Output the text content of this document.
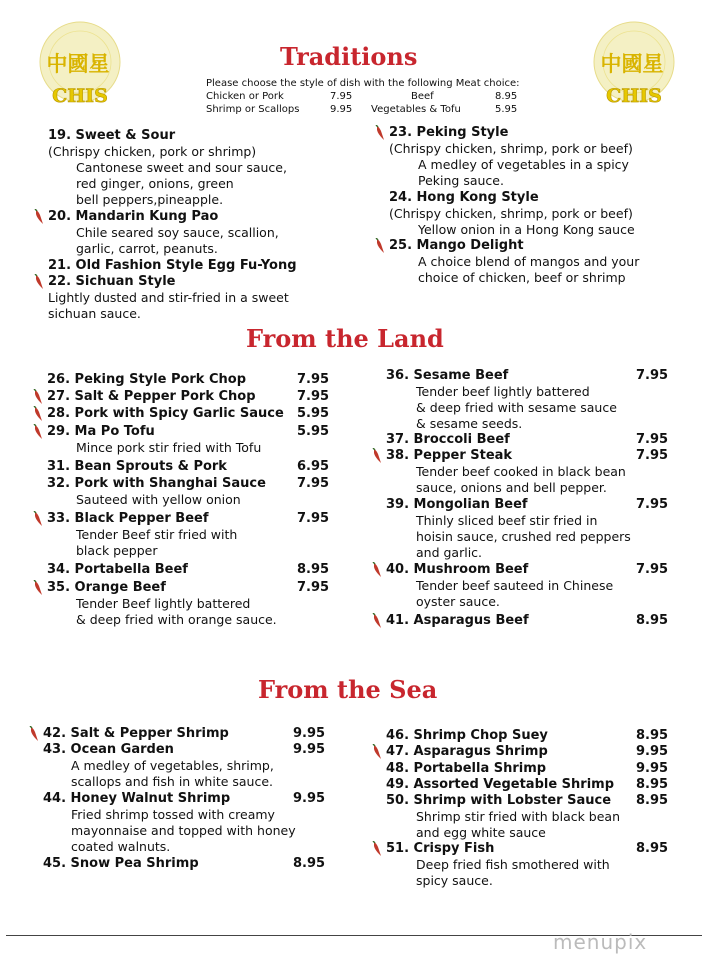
中國星
CHIS
中國星
CHIS
Traditions
Please choose the style of dish with the following Meat choice:
Chicken or Pork	7.95	Beef	8.95
Shrimp or Scallops	9.95 Vegetables & Tofu	5.95
From the Land
From the Sea
menupix
19. Sweet & Sour
(Chrispy chicken, pork or shrimp)
Cantonese sweet and sour sauce,
red ginger, onions, green
bell peppers,pineapple.
20. Mandarin Kung Pao
Chile seared soy sauce, scallion,
garlic, carrot, peanuts.
21. Old Fashion Style Egg Fu-Yong
22. Sichuan Style
Lightly dusted and stir-fried in a sweet
sichuan sauce.
23. Peking Style
(Chrispy chicken, shrimp, pork or beef)
A medley of vegetables in a spicy
Peking sauce.
24. Hong Kong Style
(Chrispy chicken, shrimp, pork or beef)
Yellow onion in a Hong Kong sauce
25. Mango Delight
A choice blend of mangos and your
choice of chicken, beef or shrimp
26. Peking Style Pork Chop	7.95
27. Salt & Pepper Pork Chop	7.95
28. Pork with Spicy Garlic Sauce 5.95
29. Ma Po Tofu	5.95
Mince pork stir fried with Tofu
31. Bean Sprouts & Pork	6.95
32. Pork with Shanghai Sauce 7.95
Sauteed with yellow onion
33. Black Pepper Beef	7.95
Tender Beef stir fried with
black pepper
34. Portabella Beef	8.95
35. Orange Beef	7.95
Tender Beef lightly battered
& deep fried with orange sauce.
36. Sesame Beef	7.95
Tender beef lightly battered
& deep fried with sesame sauce
& sesame seeds.
37. Broccoli Beef	7.95
38. Pepper Steak	7.95
Tender beef cooked in black bean
sauce, onions and bell pepper.
39. Mongolian Beef	7.95
Thinly sliced beef stir fried in
hoisin sauce, crushed red peppers
and garlic.
40. Mushroom Beef	7.95
Tender beef sauteed in Chinese
oyster sauce.
41. Asparagus Beef	8.95
42. Salt & Pepper Shrimp	9.95
43. Ocean Garden	9.95
A medley of vegetables, shrimp,
scallops and fish in white sauce.
44. Honey Walnut Shrimp	9.95
Fried shrimp tossed with creamy
mayonnaise and topped with honey
coated walnuts.
45. Snow Pea Shrimp	8.95
46. Shrimp Chop Suey	8.95
47. Asparagus Shrimp	9.95
48. Portabella Shrimp	9.95
49. Assorted Vegetable Shrimp 8.95
50. Shrimp with Lobster Sauce 8.95
Shrimp stir fried with black bean
and egg white sauce
51. Crispy Fish	8.95
Deep fried fish smothered with
spicy sauce.
